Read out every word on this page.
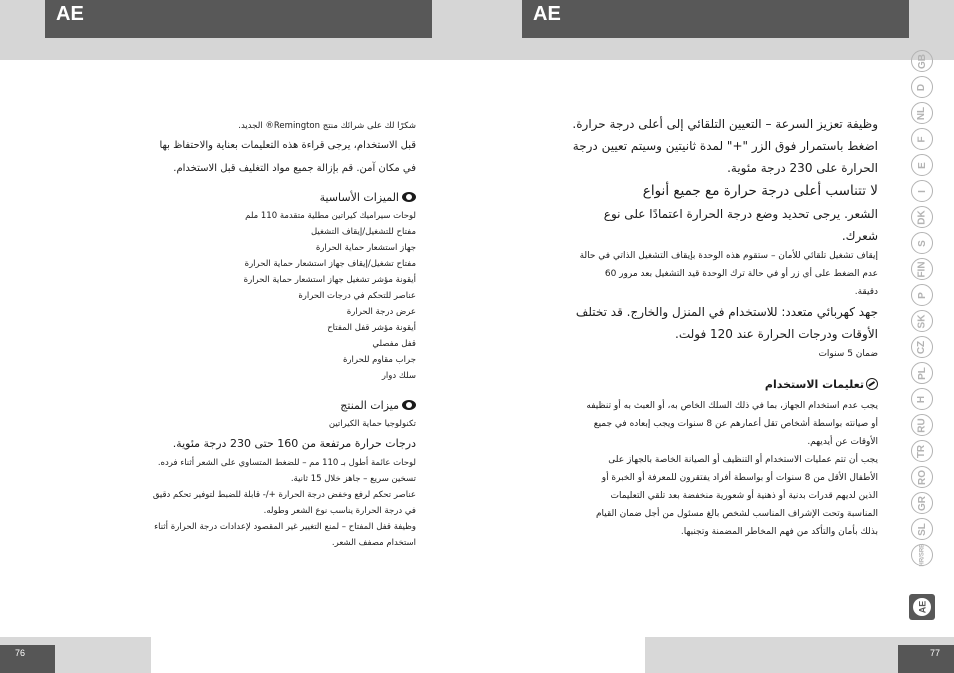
AE	AE

شكرًا لك على شرائك منتج Remington® الجديد.

قبل الاستخدام، يرجى قراءة هذه التعليمات بعناية والاحتفاظ بها

في مكان آمن. قم بإزالة جميع مواد التغليف قبل الاستخدام.

الميزات الأساسية

لوحات سيراميك كيراتين مطلية متقدمة 110 ملم

مفتاح للتشغيل/إيقاف التشغيل

جهاز استشعار حماية الحرارة

مفتاح تشغيل/إيقاف جهاز استشعار حماية الحرارة

أيقونة مؤشر تشغيل جهاز استشعار حماية الحرارة

عناصر للتحكم في درجات الحرارة

عرض درجة الحرارة

أيقونة مؤشر قفل المفتاح

قفل مفصلي

جراب مقاوم للحرارة

سلك دوار

ميزات المنتج

تكنولوجيا حماية الكيراتين

درجات حرارة مرتفعة من 160 حتى 230 درجة مئوية.

لوحات عائمة أطول بـ 110 مم – للضغط المتساوي على الشعر أثناء فرده.

تسخين سريع – جاهز خلال 15 ثانية.

عناصر تحكم لرفع وخفض درجة الحرارة +/- قابلة للضبط لتوفير تحكم دقيق

في درجة الحرارة يناسب نوع الشعر وطوله.

وظيفة قفل المفتاح – لمنع التغيير غير المقصود لإعدادات درجة الحرارة أثناء

استخدام مصفف الشعر.

وظيفة تعزيز السرعة – التعيين التلقائي إلى أعلى درجة حرارة.

اضغط باستمرار فوق الزر "+" لمدة ثانيتين وسيتم تعيين درجة

الحرارة على 230 درجة مئوية.

لا تتناسب أعلى درجة حرارة مع جميع أنواع

الشعر. يرجى تحديد وضع درجة الحرارة اعتمادًا على نوع

شعرك.

إيقاف تشغيل تلقائي للأمان – ستقوم هذه الوحدة بإيقاف التشغيل الذاتي في حالة

عدم الضغط على أي زر أو في حالة ترك الوحدة قيد التشغيل بعد مرور 60

دقيقة.

جهد كهربائي متعدد: للاستخدام في المنزل والخارج. قد تختلف

الأوقات ودرجات الحرارة عند 120 فولت.

ضمان 5 سنوات

تعليمات الاستخدام

يجب عدم استخدام الجهاز، بما في ذلك السلك الخاص به، أو العبث به أو تنظيفه

أو صيانته بواسطة أشخاص تقل أعمارهم عن 8 سنوات ويجب إبعاده في جميع

الأوقات عن أيديهم.

يجب أن تتم عمليات الاستخدام أو التنظيف أو الصيانة الخاصة بالجهاز على

الأطفال الأقل من 8 سنوات أو بواسطة أفراد يفتقرون للمعرفة أو الخبرة أو

الذين لديهم قدرات بدنية أو ذهنية أو شعورية منخفضة بعد تلقي التعليمات

المناسبة وتحت الإشراف المناسب لشخص بالغ مسئول من أجل ضمان القيام

بذلك بأمان والتأكد من فهم المخاطر المضمنة وتجنبها.

GB
D
NL
F
E
I
DK
S
FIN
P
SK
CZ
PL
H
RU
TR
RO
GR
SL
HR/SRB
AE
76	77
